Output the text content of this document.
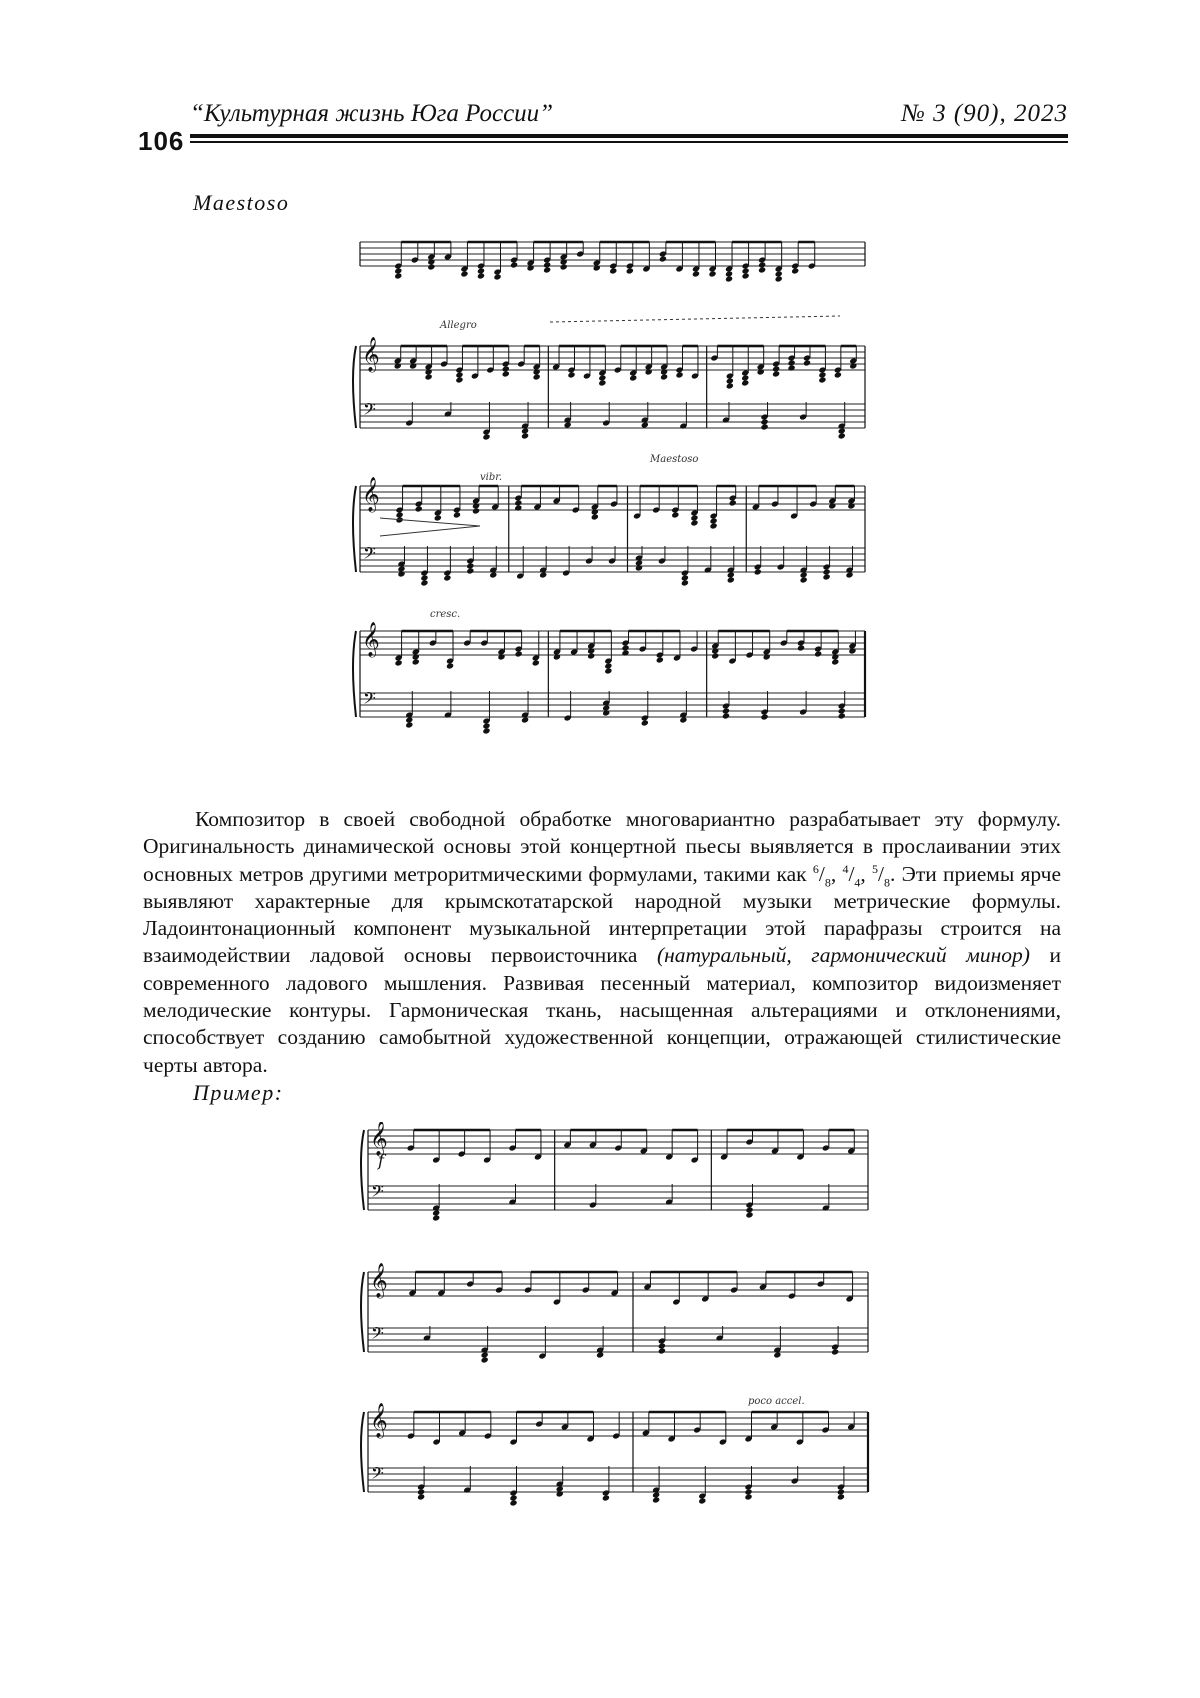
106
“Культурная жизнь Юга России”	№ 3 (90), 2023
Maestoso
𝄞
𝄢
𝄞
𝄢
𝄞
𝄢
vibr.
Maestoso
Allegro
cresc.

Композитор в своей свободной обработке многовариантно разрабатывает эту формулу. Оригинальность динамической основы этой концертной пьесы выявляется в прослаивании этих основных метров другими метроритмическими формулами, такими как $^6/_8$, $^4/_4$, $^5/_8$. Эти приемы ярче выявляют характерные для крымскотатарской народной музыки метрические формулы. Ладоинтонационный компонент музыкальной интерпретации этой парафразы строится на взаимодействии ладовой основы первоисточника (натуральный, гармонический минор) и современного ладового мышления. Развивая песенный материал, композитор видоизменяет мелодические контуры. Гармоническая ткань, насыщенная альтерациями и отклонениями, способствует созданию самобытной художественной концепции, отражающей стилистические черты автора.

Пример:
𝄞
𝄢
𝄞
𝄢
𝄞
𝄢
poco accel.
f
